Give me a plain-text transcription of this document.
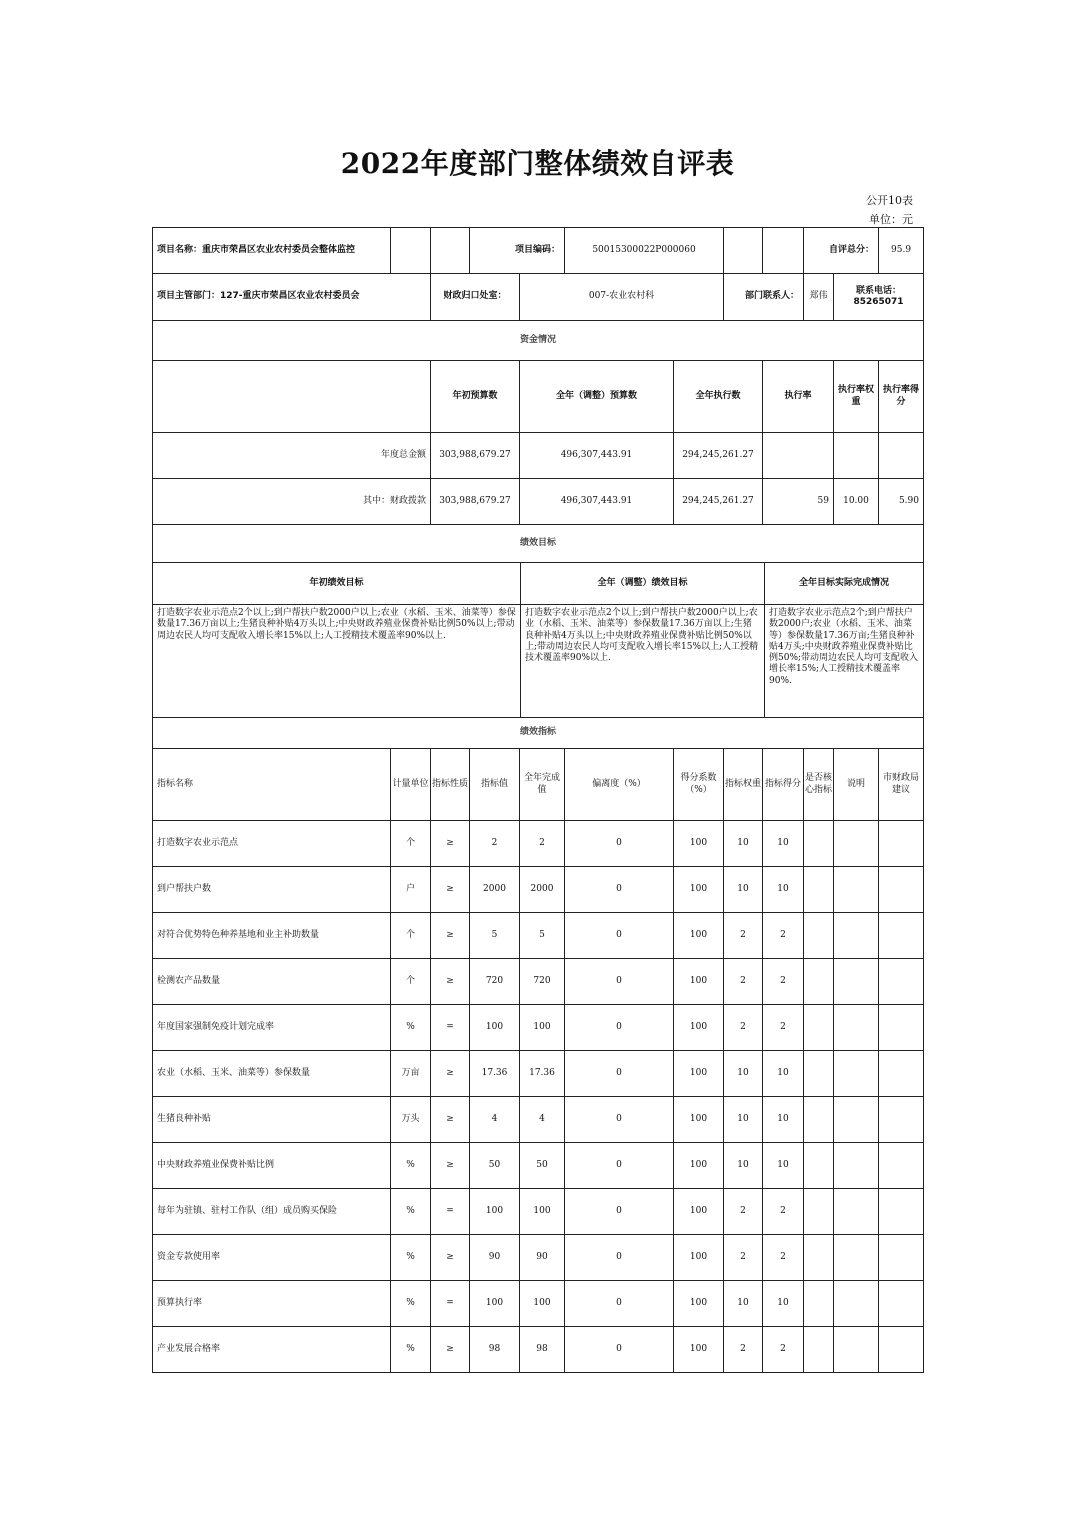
2022年度部门整体绩效自评表
公开10表
单位：元
项目名称：重庆市荣昌区农业农村委员会整体监控			项目编码：		50015300022P000060			自评总分：		95.9
项目主管部门：127-重庆市荣昌区农业农村委员会		财政归口处室：		007-农业农村科		部门联系人：		郑伟	联系电话：85265071	
资金情况										
	年初预算数	全年（调整）预算数	全年执行数	执行率	执行率权重	执行率得分
年度总金额	303,988,679.27	496,307,443.91	294,245,261.27			
其中：财政拨款	303,988,679.27	496,307,443.91	294,245,261.27	59	10.00	5.90
绩效目标						
年初绩效目标	全年（调整）绩效目标	全年目标实际完成情况
打造数字农业示范点2个以上;到户帮扶户数2000户以上;农业（水稻、玉米、油菜等）参保数量17.36万亩以上;生猪良种补贴4万头以上;中央财政养殖业保费补贴比例50%以上;带动周边农民人均可支配收入增长率15%以上;人工授精技术覆盖率90%以上.	打造数字农业示范点2个以上;到户帮扶户数2000户以上;农业（水稻、玉米、油菜等）参保数量17.36万亩以上;生猪良种补贴4万头以上;中央财政养殖业保费补贴比例50%以上;带动周边农民人均可支配收入增长率15%以上;人工授精技术覆盖率90%以上.	打造数字农业示范点2个;到户帮扶户数2000户;农业（水稻、玉米、油菜等）参保数量17.36万亩;生猪良种补贴4万头;中央财政养殖业保费补贴比例50%;带动周边农民人均可支配收入增长率15%;人工授精技术覆盖率90%.
绩效指标		
指标名称	计量单位	指标性质	指标值	全年完成值	偏离度（%）	得分系数（%）	指标权重	指标得分	是否核心指标	说明	市财政局建议
打造数字农业示范点	个	≥	2	2	0	100	10	10			
到户帮扶户数	户	≥	2000	2000	0	100	10	10			
对符合优势特色种养基地和业主补助数量	个	≥	5	5	0	100	2	2			
检测农产品数量	个	≥	720	720	0	100	2	2			
年度国家强制免疫计划完成率	%	=	100	100	0	100	2	2			
农业（水稻、玉米、油菜等）参保数量	万亩	≥	17.36	17.36	0	100	10	10			
生猪良种补贴	万头	≥	4	4	0	100	10	10			
中央财政养殖业保费补贴比例	%	≥	50	50	0	100	10	10			
每年为驻镇、驻村工作队（组）成员购买保险	%	=	100	100	0	100	2	2			
资金专款使用率	%	≥	90	90	0	100	2	2			
预算执行率	%	=	100	100	0	100	10	10			
产业发展合格率	%	≥	98	98	0	100	2	2			
